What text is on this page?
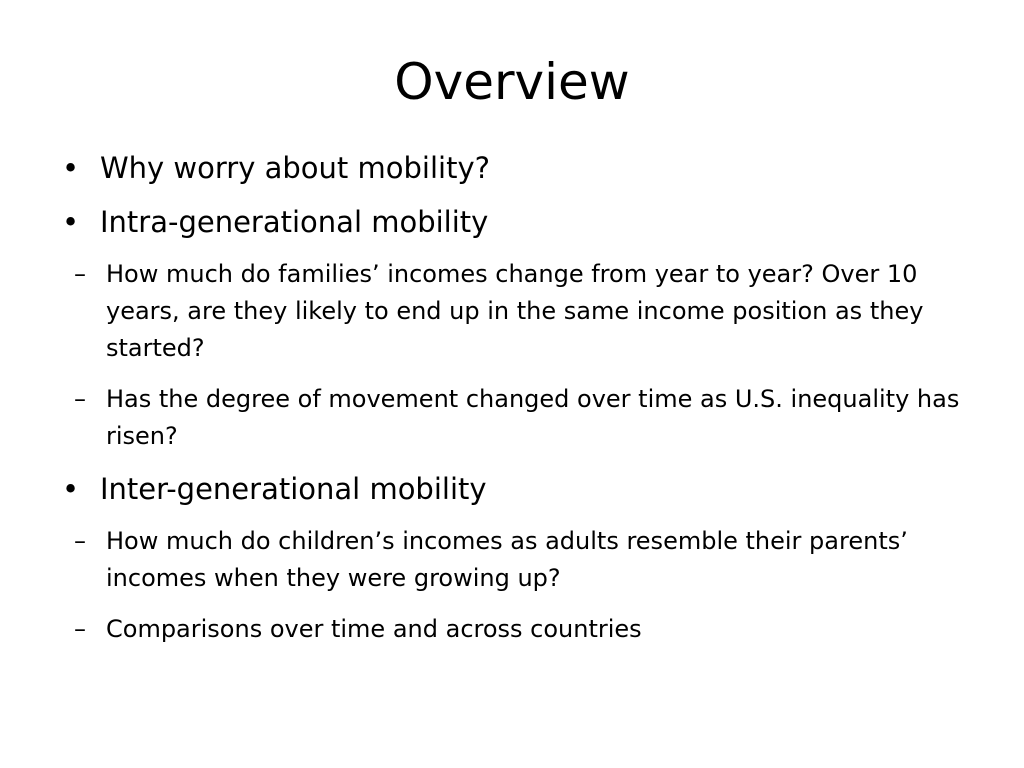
Overview
• Why worry about mobility?
• Intra-generational mobility
– How much do families’ incomes change from year to year? Over 10 years, are they likely to end up in the same income position as they started?
– Has the degree of movement changed over time as U.S. inequality has risen?
• Inter-generational mobility
– How much do children’s incomes as adults resemble their parents’ incomes when they were growing up?
– Comparisons over time and across countries
